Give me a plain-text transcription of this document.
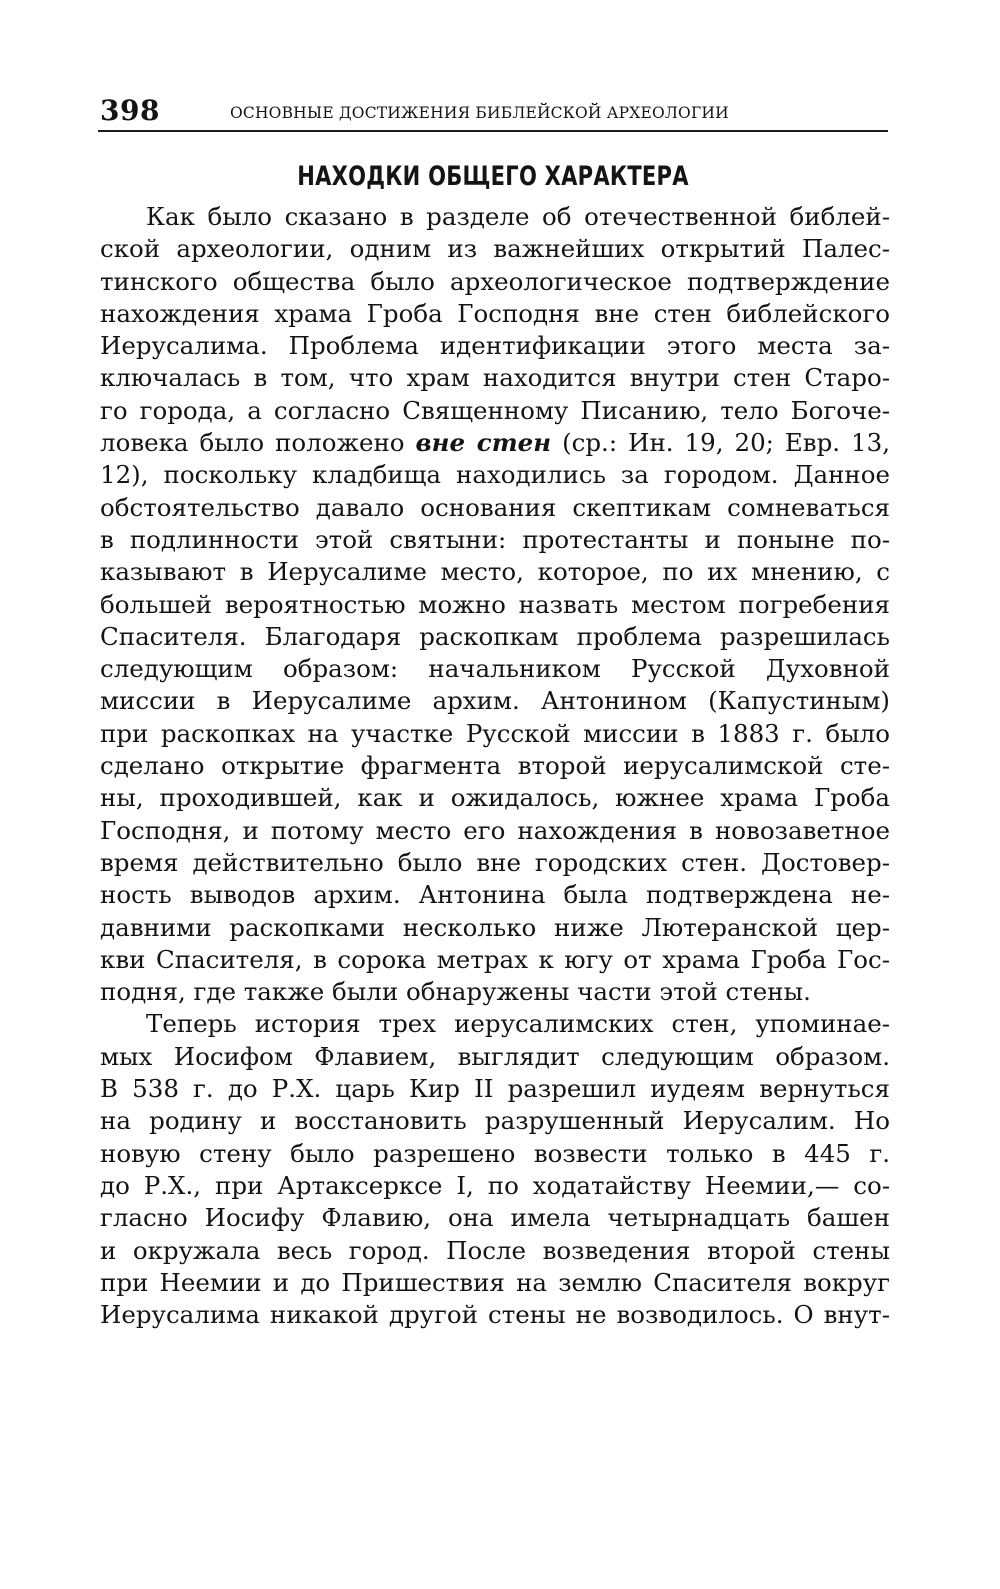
398	ОСНОВНЫЕ ДОСТИЖЕНИЯ БИБЛЕЙСКОЙ АРХЕОЛОГИИ
НАХОДКИ ОБЩЕГО ХАРАКТЕРА
Как было сказано в разделе об отечественной библей-
ской археологии, одним из важнейших открытий Палес-
тинского общества было археологическое подтверждение
нахождения храма Гроба Господня вне стен библейского
Иерусалима. Проблема идентификации этого места за-
ключалась в том, что храм находится внутри стен Старо-
го города, а согласно Священному Писанию, тело Богоче-
ловека было положено вне стен (ср.: Ин. 19, 20; Евр. 13,
12), поскольку кладбища находились за городом. Данное
обстоятельство давало основания скептикам сомневаться
в подлинности этой святыни: протестанты и поныне по-
казывают в Иерусалиме место, которое, по их мнению, с
большей вероятностью можно назвать местом погребения
Спасителя. Благодаря раскопкам проблема разрешилась
следующим образом: начальником Русской Духовной
миссии в Иерусалиме архим. Антонином (Капустиным)
при раскопках на участке Русской миссии в 1883 г. было
сделано открытие фрагмента второй иерусалимской сте-
ны, проходившей, как и ожидалось, южнее храма Гроба
Господня, и потому место его нахождения в новозаветное
время действительно было вне городских стен. Достовер-
ность выводов архим. Антонина была подтверждена не-
давними раскопками несколько ниже Лютеранской цер-
кви Спасителя, в сорока метрах к югу от храма Гроба Гос-
подня, где также были обнаружены части этой стены.
Теперь история трех иерусалимских стен, упоминае-
мых Иосифом Флавием, выглядит следующим образом.
В 538 г. до Р.Х. царь Кир II разрешил иудеям вернуться
на родину и восстановить разрушенный Иерусалим. Но
новую стену было разрешено возвести только в 445 г.
до Р.Х., при Артаксерксе I, по ходатайству Неемии,— со-
гласно Иосифу Флавию, она имела четырнадцать башен
и окружала весь город. После возведения второй стены
при Неемии и до Пришествия на землю Спасителя вокруг
Иерусалима никакой другой стены не возводилось. О внут-
